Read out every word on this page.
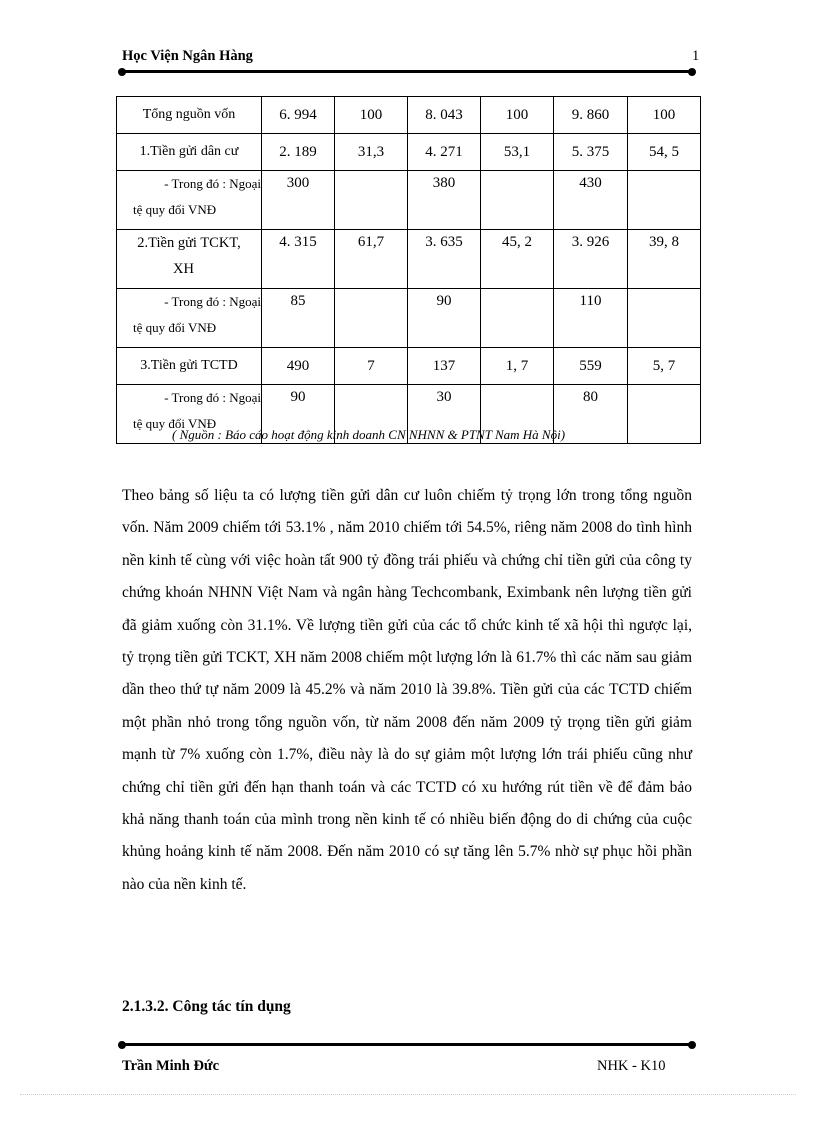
Học Viện Ngân Hàng	1
Tổng nguồn vốn	6. 994	100	8. 043	100	9. 860	100
1.Tiền gửi dân cư	2. 189	31,3	4. 271	53,1	5. 375	54, 5

- Trong đó : Ngoại
tệ quy đổi VNĐ	300		380		430	

2.Tiền gửi TCKT,
XH	4. 315	61,7	3. 635	45, 2	3. 926	39, 8

- Trong đó : Ngoại
tệ quy đổi VNĐ	85		90		110	
3.Tiền gửi TCTD	490	7	137	1, 7	559	5, 7

- Trong đó : Ngoại
tệ quy đổi VNĐ	90		30		80	
( Nguồn : Báo cáo hoạt động kinh doanh CN NHNN & PTNT Nam Hà Nội)

Theo bảng số liệu ta có lượng tiền gửi dân cư luôn chiếm tỷ trọng lớn trong tổng nguồn vốn. Năm 2009 chiếm tới 53.1% , năm 2010 chiếm tới 54.5%, riêng năm 2008 do tình hình nền kinh tế cùng với việc hoàn tất 900 tỷ đồng trái phiếu và chứng chỉ tiền gửi của công ty chứng khoán NHNN Việt Nam và ngân hàng Techcombank, Eximbank nên lượng tiền gửi đã giảm xuống còn 31.1%. Về lượng tiền gửi của các tổ chức kinh tế xã hội thì ngược lại, tỷ trọng tiền gửi TCKT, XH năm 2008 chiếm một lượng lớn là 61.7% thì các năm sau giảm dần theo thứ tự năm 2009 là 45.2% và năm 2010 là 39.8%. Tiền gửi của các TCTD chiếm một phần nhỏ trong tổng nguồn vốn, từ năm 2008 đến năm 2009 tỷ trọng tiền gửi giảm mạnh từ 7% xuống còn 1.7%, điều này là do sự giảm một lượng lớn trái phiếu cũng như chứng chỉ tiền gửi đến hạn thanh toán và các TCTD có xu hướng rút tiền về để đảm bảo khả năng thanh toán của mình trong nền kinh tế có nhiều biến động do di chứng của cuộc khủng hoảng kinh tế năm 2008. Đến năm 2010 có sự tăng lên 5.7% nhờ sự phục hồi phần nào của nền kinh tế.

2.1.3.2. Công tác tín dụng
Trần Minh Đức	NHK - K10
